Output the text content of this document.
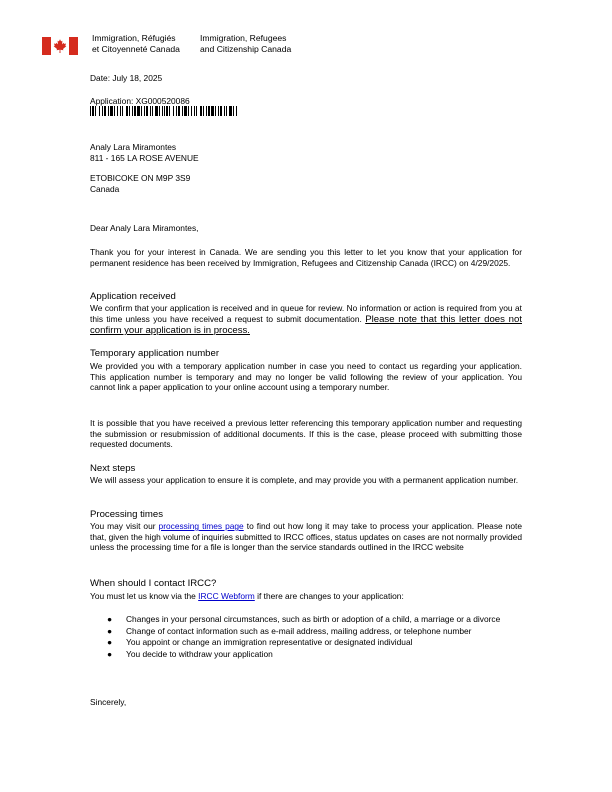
Immigration, Réfugiés
et Citoyenneté Canada
Immigration, Refugees
and Citizenship Canada
Date: July 18, 2025
Application: XG000520086
Analy Lara Miramontes
811 - 165 LA ROSE AVENUE
ETOBICOKE ON M9P 3S9
Canada
Dear Analy Lara Miramontes,
Thank you for your interest in Canada. We are sending you this letter to let you know that your application for permanent residence has been received by Immigration, Refugees and Citizenship Canada (IRCC) on 4/29/2025.
Application received
We confirm that your application is received and in queue for review. No information or action is required from you at this time unless you have received a request to submit documentation. Please note that this letter does not confirm your application is in process.
Temporary application number
We provided you with a temporary application number in case you need to contact us regarding your application. This application number is temporary and may no longer be valid following the review of your application. You cannot link a paper application to your online account using a temporary number.
It is possible that you have received a previous letter referencing this temporary application number and requesting the submission or resubmission of additional documents. If this is the case, please proceed with submitting those requested documents.
Next steps
We will assess your application to ensure it is complete, and may provide you with a permanent application number.
Processing times
You may visit our processing times page to find out how long it may take to process your application. Please note that, given the high volume of inquiries submitted to IRCC offices, status updates on cases are not normally provided unless the processing time for a file is longer than the service standards outlined in the IRCC website
When should I contact IRCC?
You must let us know via the IRCC Webform if there are changes to your application:
● Changes in your personal circumstances, such as birth or adoption of a child, a marriage or a divorce
● Change of contact information such as e-mail address, mailing address, or telephone number
● You appoint or change an immigration representative or designated individual
● You decide to withdraw your application
Sincerely,
